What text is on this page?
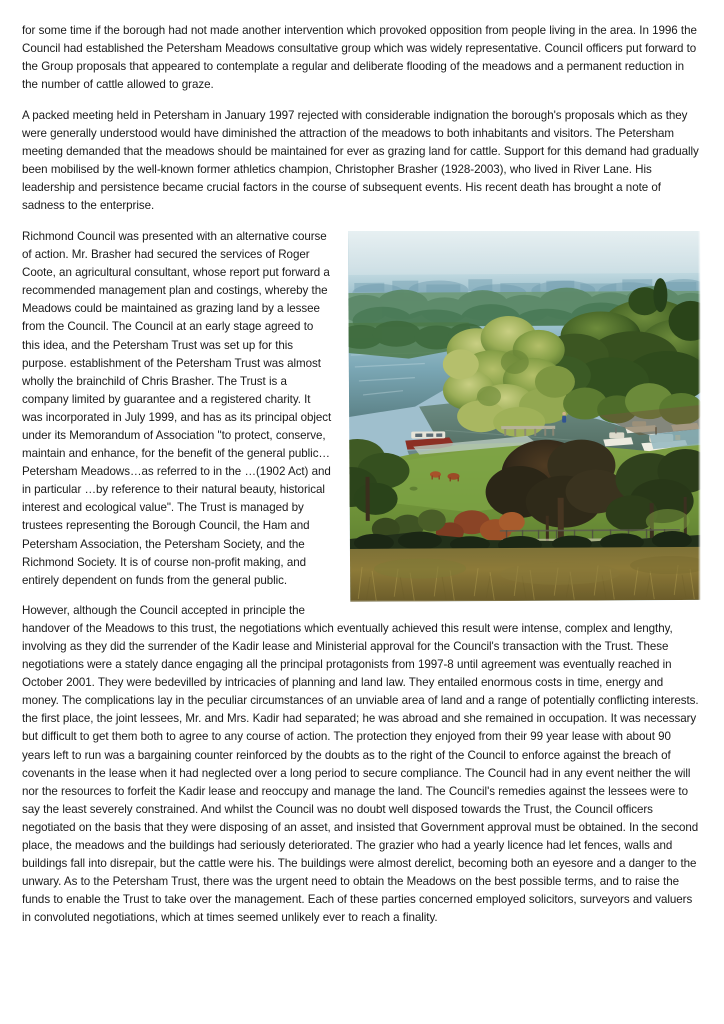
for some time if the borough had not made another intervention which provoked opposition from people living in the area. In 1996 the Council had established the Petersham Meadows consultative group which was widely representative. Council officers put forward to the Group proposals that appeared to contemplate a regular and deliberate flooding of the meadows and a permanent reduction in the number of cattle allowed to graze.

A packed meeting held in Petersham in January 1997 rejected with considerable indignation the borough's proposals which as they were generally understood would have diminished the attraction of the meadows to both inhabitants and visitors. The Petersham meeting demanded that the meadows should be maintained for ever as grazing land for cattle. Support for this demand had gradually been mobilised by the well-known former athletics champion, Christopher Brasher (1928-2003), who lived in River Lane. His leadership and persistence became crucial factors in the course of subsequent events. His recent death has brought a note of sadness to the enterprise.

Richmond Council was presented with an alternative course of action. Mr. Brasher had secured the services of Roger Coote, an agricultural consultant, whose report put forward a recommended management plan and costings, whereby the Meadows could be maintained as grazing land by a lessee from the Council. The Council at an early stage agreed to this idea, and the Petersham Trust was set up for this purpose. establishment of the Petersham Trust was almost wholly the brainchild of Chris Brasher. The Trust is a company limited by guarantee and a registered charity. It was incorporated in July 1999, and has as its principal object under its Memorandum of Association "to protect, conserve, maintain and enhance, for the benefit of the general public… Petersham Meadows…as referred to in the …(1902 Act) and in particular …by reference to their natural beauty, historical interest and ecological value". The Trust is managed by trustees representing the Borough Council, the Ham and Petersham Association, the Petersham Society, and the Richmond Society. It is of course non-profit making, and entirely dependent on funds from the general public.

However, although the Council accepted in principle the handover of the Meadows to this trust, the negotiations which eventually achieved this result were intense, complex and lengthy, involving as they did the surrender of the Kadir lease and Ministerial approval for the Council's transaction with the Trust. These negotiations were a stately dance engaging all the principal protagonists from 1997-8 until agreement was eventually reached in October 2001. They were bedevilled by intricacies of planning and land law. They entailed enormous costs in time, energy and money. The complications lay in the peculiar circumstances of an unviable area of land and a range of potentially conflicting interests. the first place, the joint lessees, Mr. and Mrs. Kadir had separated; he was abroad and she remained in occupation. It was necessary but difficult to get them both to agree to any course of action. The protection they enjoyed from their 99 year lease with about 90 years left to run was a bargaining counter reinforced by the doubts as to the right of the Council to enforce against the breach of covenants in the lease when it had neglected over a long period to secure compliance. The Council had in any event neither the will nor the resources to forfeit the Kadir lease and reoccupy and manage the land. The Council's remedies against the lessees were to say the least severely constrained. And whilst the Council was no doubt well disposed towards the Trust, the Council officers negotiated on the basis that they were disposing of an asset, and insisted that Government approval must be obtained. In the second place, the meadows and the buildings had seriously deteriorated. The grazier who had a yearly licence had let fences, walls and buildings fall into disrepair, but the cattle were his. The buildings were almost derelict, becoming both an eyesore and a danger to the unwary. As to the Petersham Trust, there was the urgent need to obtain the Meadows on the best possible terms, and to raise the funds to enable the Trust to take over the management. Each of these parties concerned employed solicitors, surveyors and valuers in convoluted negotiations, which at times seemed unlikely ever to reach a finality.
